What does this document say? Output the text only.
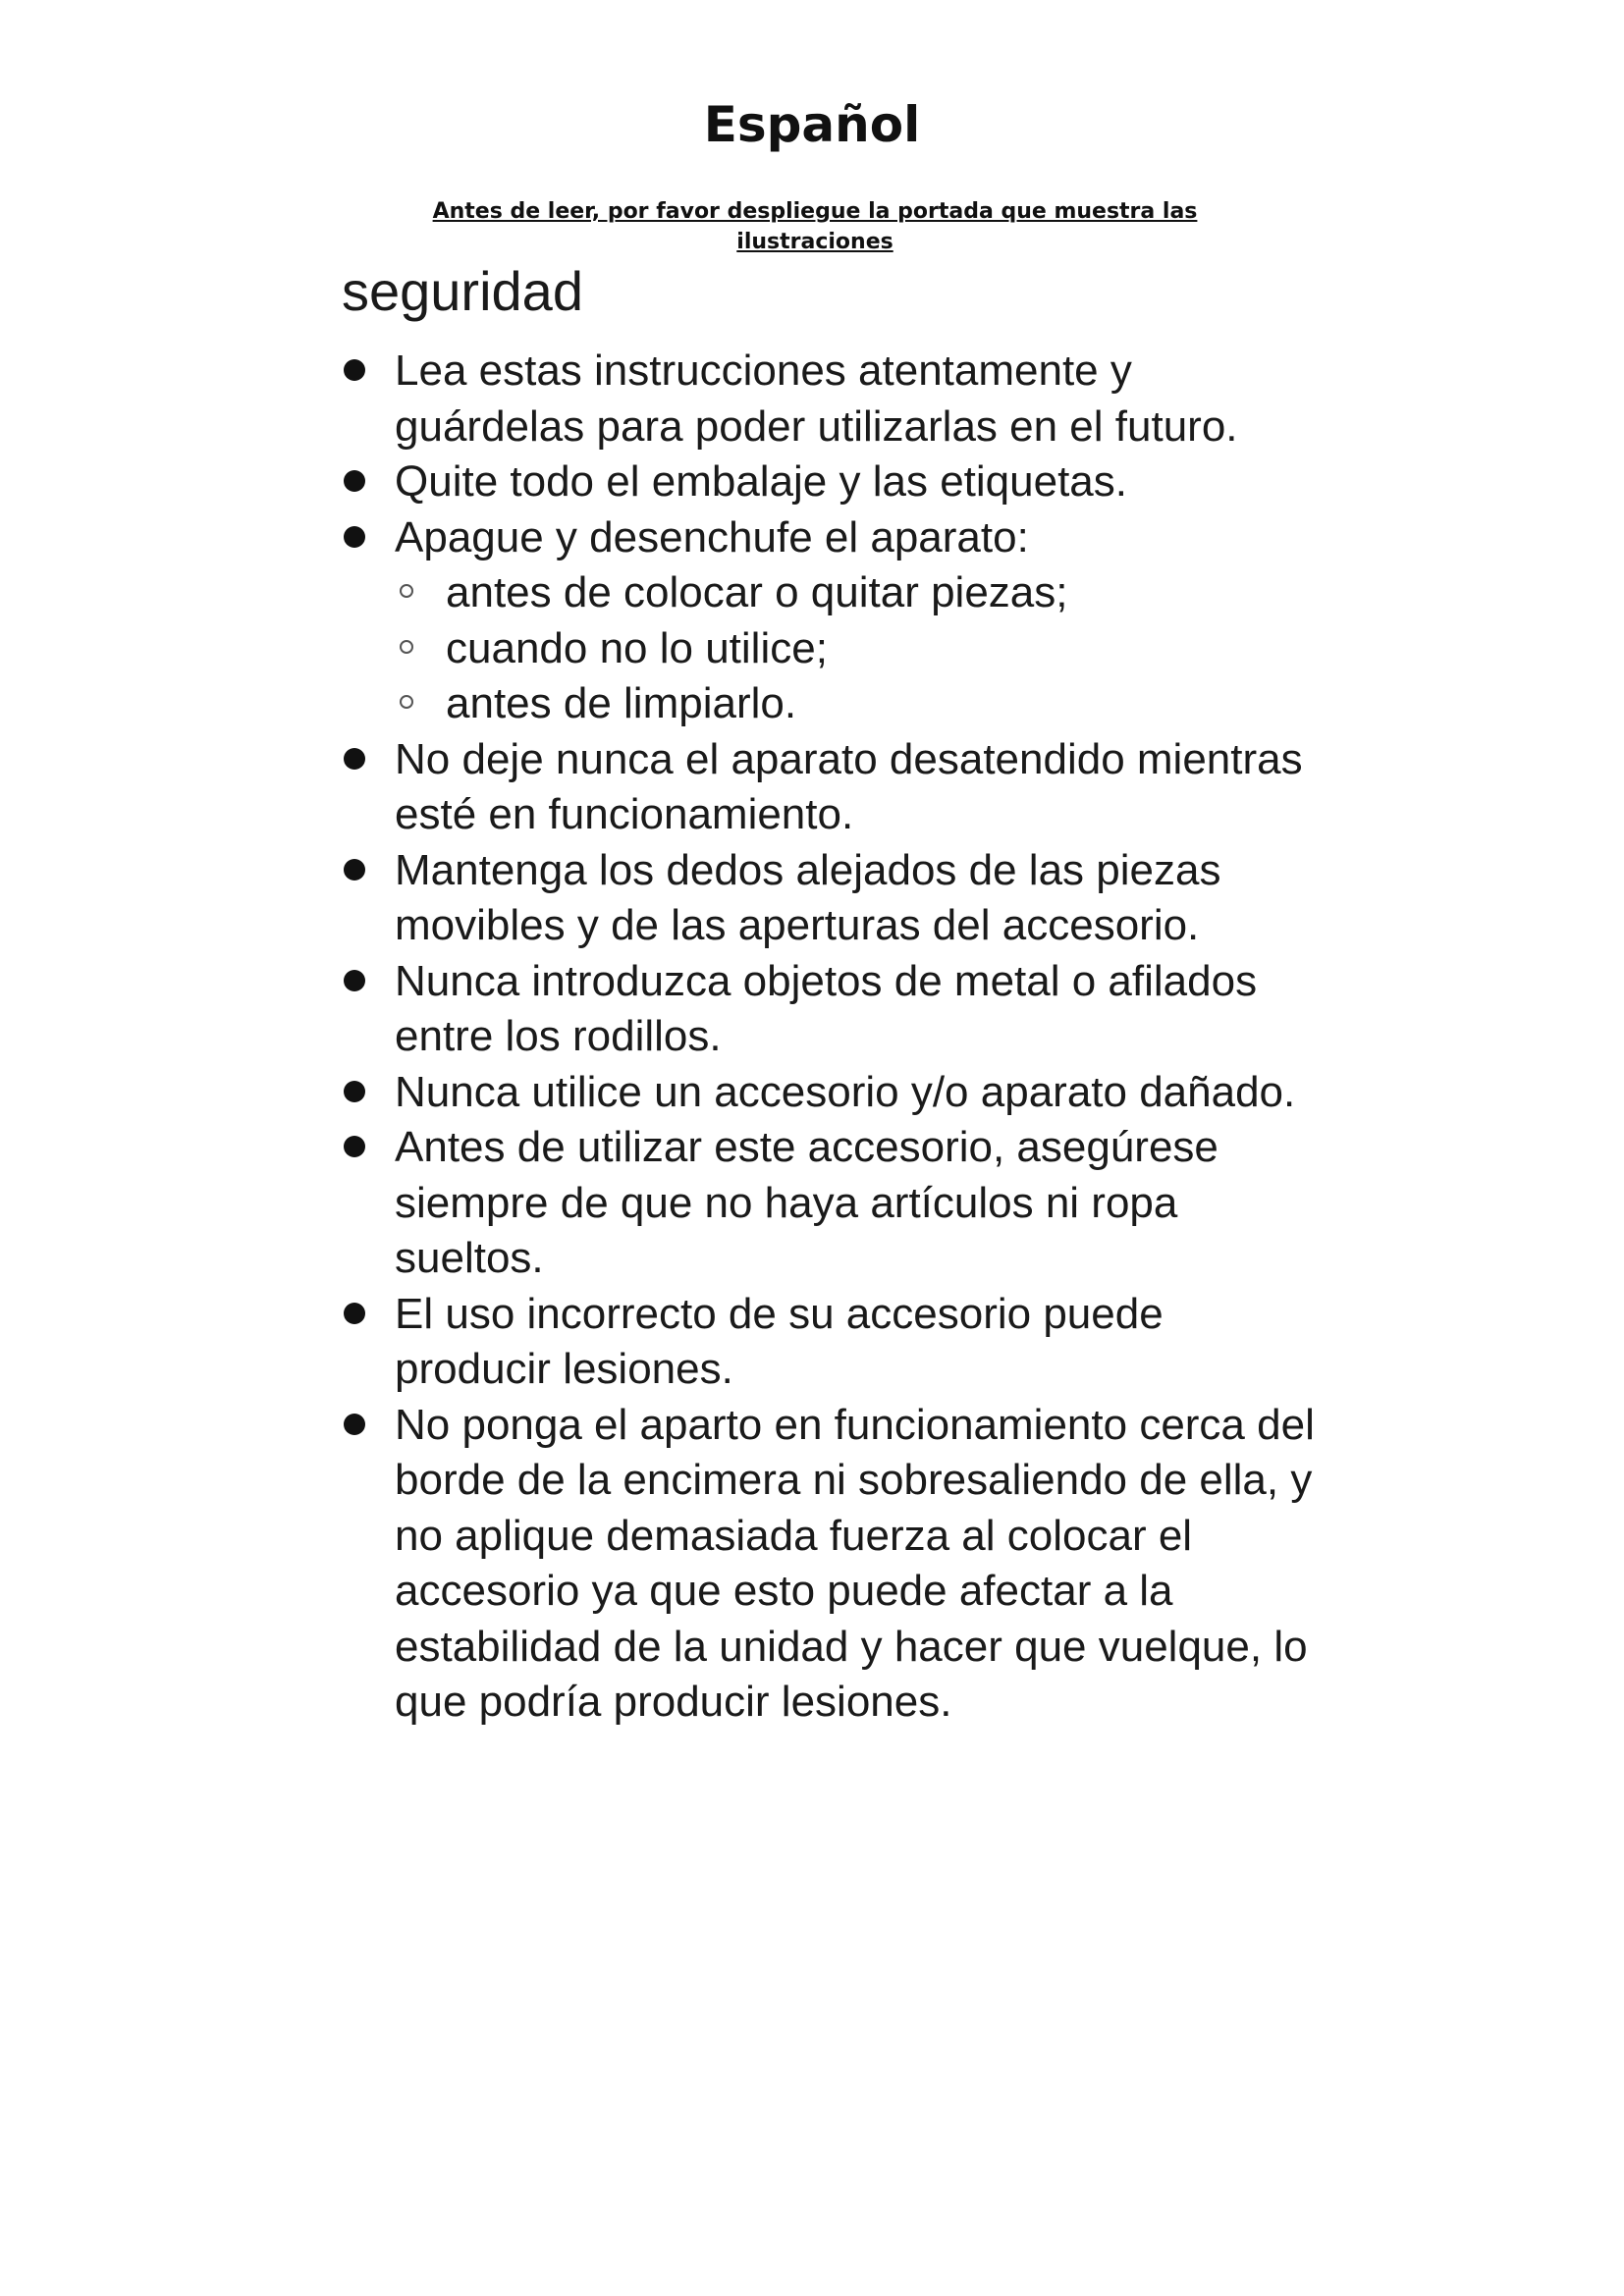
Español

Antes de leer, por favor despliegue la portada que muestra las ilustraciones

seguridad
Lea estas instrucciones atentamente y guárdelas para poder utilizarlas en el futuro.
Quite todo el embalaje y las etiquetas.
Apague y desenchufe el aparato:
antes de colocar o quitar piezas;
cuando no lo utilice;
antes de limpiarlo.
No deje nunca el aparato desatendido mientras esté en funcionamiento.
Mantenga los dedos alejados de las piezas movibles y de las aperturas del accesorio.
Nunca introduzca objetos de metal o afilados entre los rodillos.
Nunca utilice un accesorio y/o aparato dañado.
Antes de utilizar este accesorio, asegúrese siempre de que no haya artículos ni ropa sueltos.
El uso incorrecto de su accesorio puede producir lesiones.
No ponga el aparto en funcionamiento cerca del borde de la encimera ni sobresaliendo de ella, y no aplique demasiada fuerza al colocar el accesorio ya que esto puede afectar a la estabilidad de la unidad y hacer que vuelque, lo que podría producir lesiones.
